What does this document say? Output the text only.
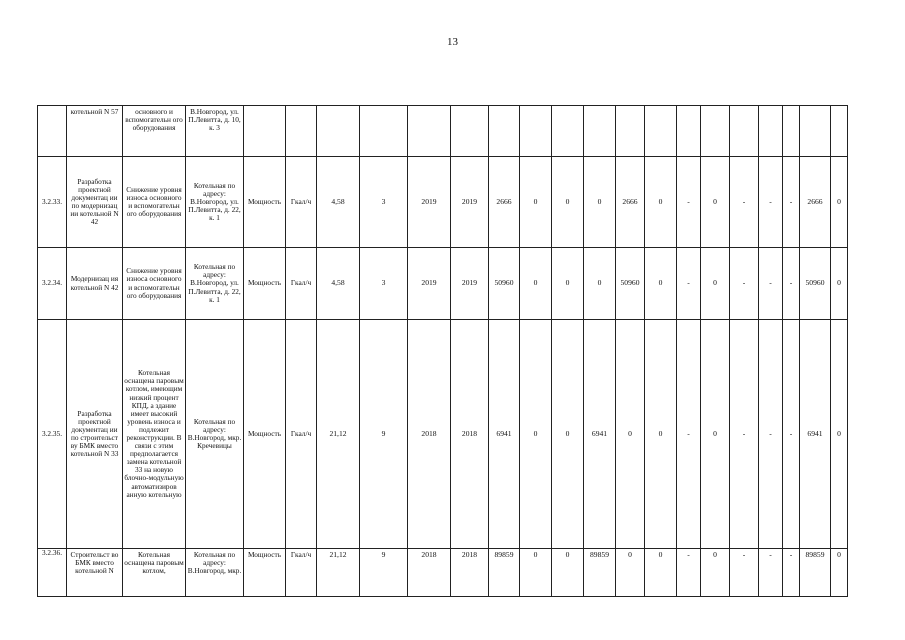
13
	котельной N 57	основного и вспомогательн ого оборудования	В.Новгород, ул. П.Левитта, д. 10, к. 3																			
3.2.33.	Разработка проектной документац ии по модернизац ии котельной N 42	Снижение уровня износа основного и вспомогательн ого оборудования	Котельная по адресу: В.Новгород, ул. П.Левитта, д. 22, к. 1	Мощность	Гкал/ч	4,58	3	2019	2019	2666	0	0	0	2666	0	-	0	-	-	-	2666	0
3.2.34.	Модернизац ия котельной N 42	Снижение уровня износа основного и вспомогательн ого оборудования	Котельная по адресу: В.Новгород, ул. П.Левитта, д. 22, к. 1	Мощность	Гкал/ч	4,58	3	2019	2019	50960	0	0	0	50960	0	-	0	-	-	-	50960	0
3.2.35.	Разработка проектной документац ии по строительст ву БМК вместо котельной N 33	Котельная оснащена паровым котлом, имеющим низкий процент КПД, а здание имеет высокий уровень износа и подлежит реконструкции. В связи с этим предполагается замена котельной 33 на новую блочно-модульную автоматизиров анную котельную	Котельная по адресу: В.Новгород, мкр. Кречевицы	Мощность	Гкал/ч	21,12	9	2018	2018	6941	0	0	6941	0	0	-	0	-	-	-	6941	0
3.2.36.	Строительст во БМК вместо котельной N	Котельная оснащена паровым котлом,	Котельная по адресу: В.Новгород, мкр.	Мощность	Гкал/ч	21,12	9	2018	2018	89859	0	0	89859	0	0	-	0	-	-	-	89859	0
